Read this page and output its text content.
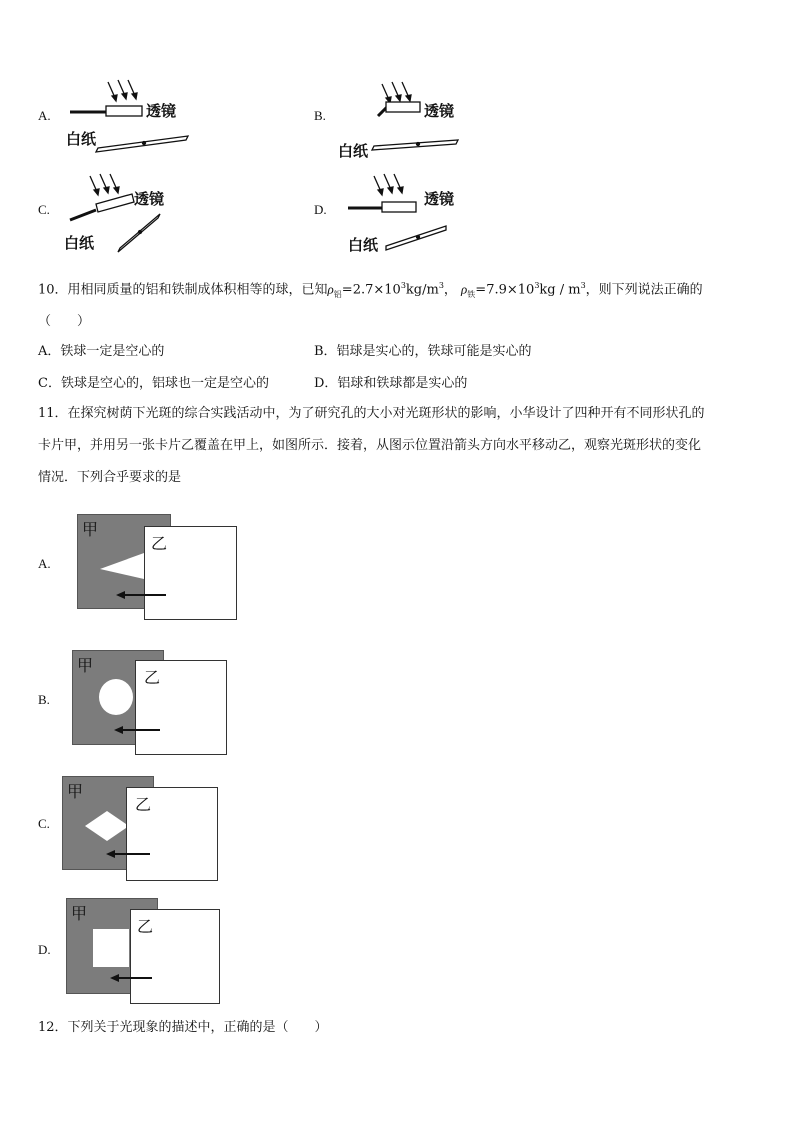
A.	透镜
白纸
B.	透镜
白纸
C.
透镜
白纸
D.
透镜
白纸
10．用相同质量的铝和铁制成体积相等的球，已知$\rho_铝=2.7\times 10^3kg/m^3$， $\rho_铁=7.9\times 10^3kg / m^3$，则下列说法正确的
（　　）
A．铁球一定是空心的	B．铝球是实心的，铁球可能是实心的
C．铁球是空心的，铝球也一定是空心的	D．铝球和铁球都是实心的
11．在探究树荫下光斑的综合实践活动中，为了研究孔的大小对光斑形状的影响，小华设计了四种开有不同形状孔的
卡片甲，并用另一张卡片乙覆盖在甲上，如图所示．接着，从图示位置沿箭头方向水平移动乙，观察光斑形状的变化
情况．下列合乎要求的是
A.
甲
乙
B.
甲
乙
C.
甲
乙
D.
甲
乙
12．下列关于光现象的描述中，正确的是（　　）
